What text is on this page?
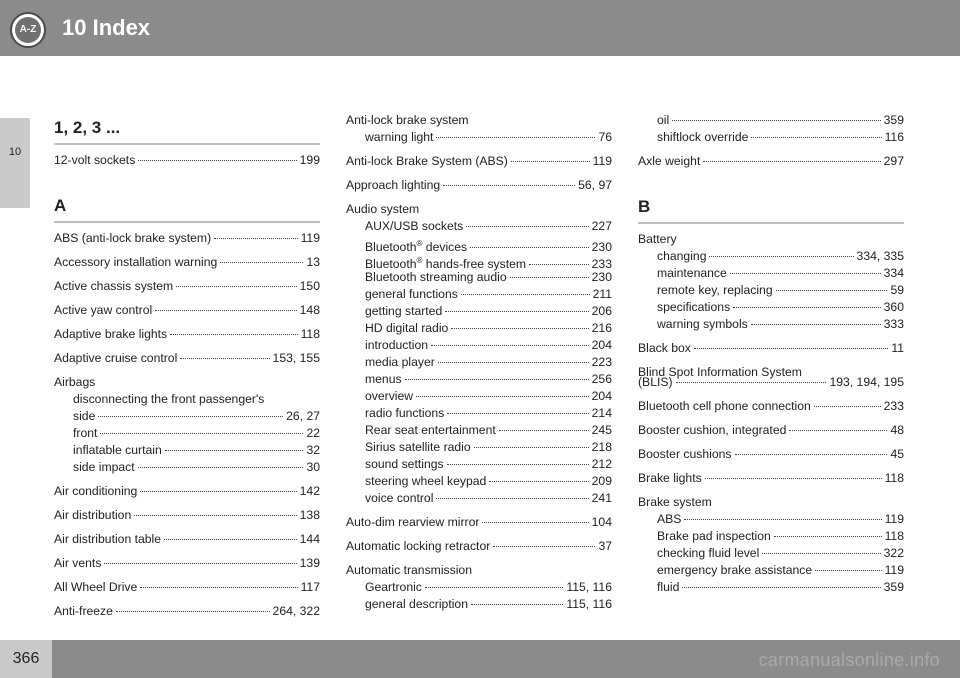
A-Z 10 Index
10
1, 2, 3 ...
12-volt sockets	199
A
ABS (anti-lock brake system)	119
Accessory installation warning	13
Active chassis system	150
Active yaw control	148
Adaptive brake lights	118
Adaptive cruise control	153, 155
Airbags
disconnecting the front passenger's
side	26, 27
front	22
inflatable curtain	32
side impact	30
Air conditioning	142
Air distribution	138
Air distribution table	144
Air vents	139
All Wheel Drive	117
Anti-freeze	264, 322
Anti-lock brake system
warning light	76
Anti-lock Brake System (ABS)	119
Approach lighting	56, 97
Audio system
AUX/USB sockets	227
Bluetooth® devices	230
Bluetooth® hands-free system	233
Bluetooth streaming audio	230
general functions	211
getting started	206
HD digital radio	216
introduction	204
media player	223
menus	256
overview	204
radio functions	214
Rear seat entertainment	245
Sirius satellite radio	218
sound settings	212
steering wheel keypad	209
voice control	241
Auto-dim rearview mirror	104
Automatic locking retractor	37
Automatic transmission
Geartronic	115, 116
general description	115, 116
oil	359
shiftlock override	116
Axle weight	297
B
Battery
changing	334, 335
maintenance	334
remote key, replacing	59
specifications	360
warning symbols	333
Black box	11
Blind Spot Information System
(BLIS)	193, 194, 195
Bluetooth cell phone connection	233
Booster cushion, integrated	48
Booster cushions	45
Brake lights	118
Brake system
ABS	119
Brake pad inspection	118
checking fluid level	322
emergency brake assistance	119
fluid	359
366	carmanualsonline.info
